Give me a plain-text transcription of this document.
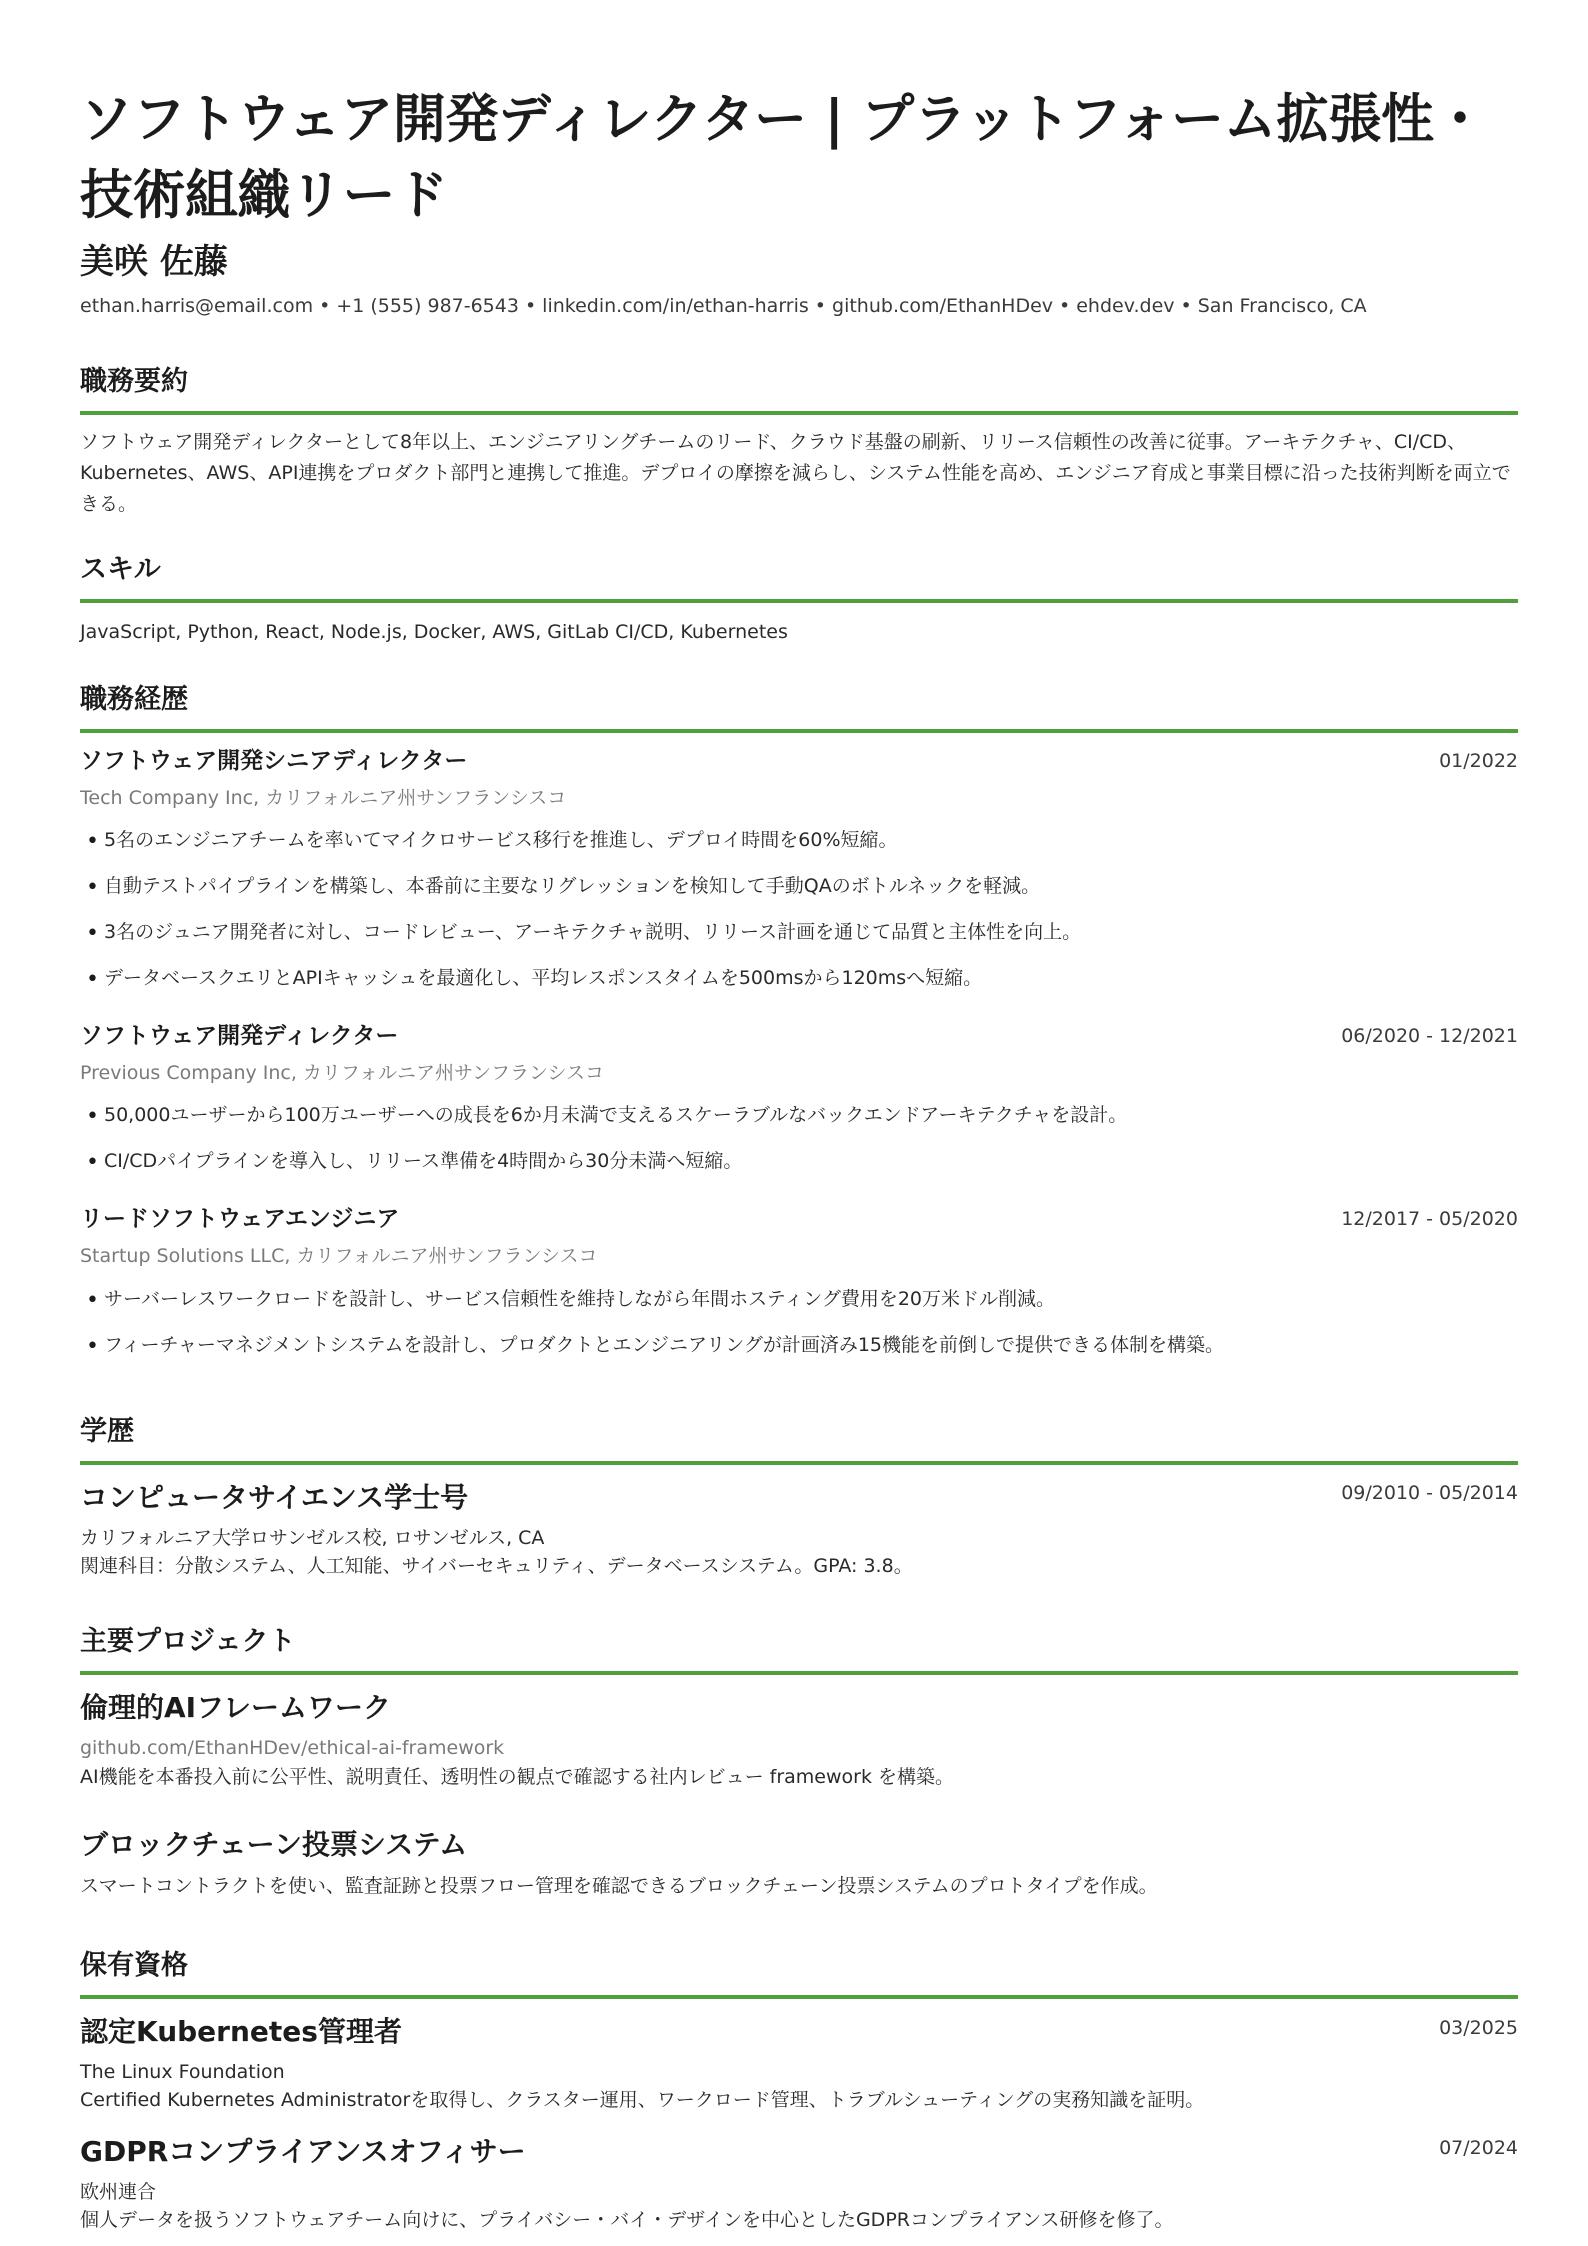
ソフトウェア開発ディレクター | プラットフォーム拡張性・技術組織リード
美咲 佐藤
ethan.harris@email.com • +1 (555) 987-6543 • linkedin.com/in/ethan-harris • github.com/EthanHDev • ehdev.dev • San Francisco, CA
職務要約

ソフトウェア開発ディレクターとして8年以上、エンジニアリングチームのリード、クラウド基盤の刷新、リリース信頼性の改善に従事。アーキテクチャ、CI/CD、Kubernetes、AWS、API連携をプロダクト部門と連携して推進。デプロイの摩擦を減らし、システム性能を高め、エンジニア育成と事業目標に沿った技術判断を両立できる。

スキル

JavaScript, Python, React, Node.js, Docker, AWS, GitLab CI/CD, Kubernetes

職務経歴
ソフトウェア開発シニアディレクター	01/2022
Tech Company Inc, カリフォルニア州サンフランシスコ
• 5名のエンジニアチームを率いてマイクロサービス移行を推進し、デプロイ時間を60%短縮。
• 自動テストパイプラインを構築し、本番前に主要なリグレッションを検知して手動QAのボトルネックを軽減。
• 3名のジュニア開発者に対し、コードレビュー、アーキテクチャ説明、リリース計画を通じて品質と主体性を向上。
• データベースクエリとAPIキャッシュを最適化し、平均レスポンスタイムを500msから120msへ短縮。
ソフトウェア開発ディレクター	06/2020 - 12/2021
Previous Company Inc, カリフォルニア州サンフランシスコ
• 50,000ユーザーから100万ユーザーへの成長を6か月未満で支えるスケーラブルなバックエンドアーキテクチャを設計。
• CI/CDパイプラインを導入し、リリース準備を4時間から30分未満へ短縮。
リードソフトウェアエンジニア	12/2017 - 05/2020
Startup Solutions LLC, カリフォルニア州サンフランシスコ
• サーバーレスワークロードを設計し、サービス信頼性を維持しながら年間ホスティング費用を20万米ドル削減。
• フィーチャーマネジメントシステムを設計し、プロダクトとエンジニアリングが計画済み15機能を前倒しで提供できる体制を構築。
学歴
コンピュータサイエンス学士号	09/2010 - 05/2014
カリフォルニア大学ロサンゼルス校, ロサンゼルス, CA
関連科目：分散システム、人工知能、サイバーセキュリティ、データベースシステム。GPA: 3.8。
主要プロジェクト
倫理的AIフレームワーク
github.com/EthanHDev/ethical-ai-framework
AI機能を本番投入前に公平性、説明責任、透明性の観点で確認する社内レビュー framework を構築。
ブロックチェーン投票システム
スマートコントラクトを使い、監査証跡と投票フロー管理を確認できるブロックチェーン投票システムのプロトタイプを作成。
保有資格
認定Kubernetes管理者	03/2025
The Linux Foundation
Certified Kubernetes Administratorを取得し、クラスター運用、ワークロード管理、トラブルシューティングの実務知識を証明。
GDPRコンプライアンスオフィサー	07/2024
欧州連合
個人データを扱うソフトウェアチーム向けに、プライバシー・バイ・デザインを中心としたGDPRコンプライアンス研修を修了。
